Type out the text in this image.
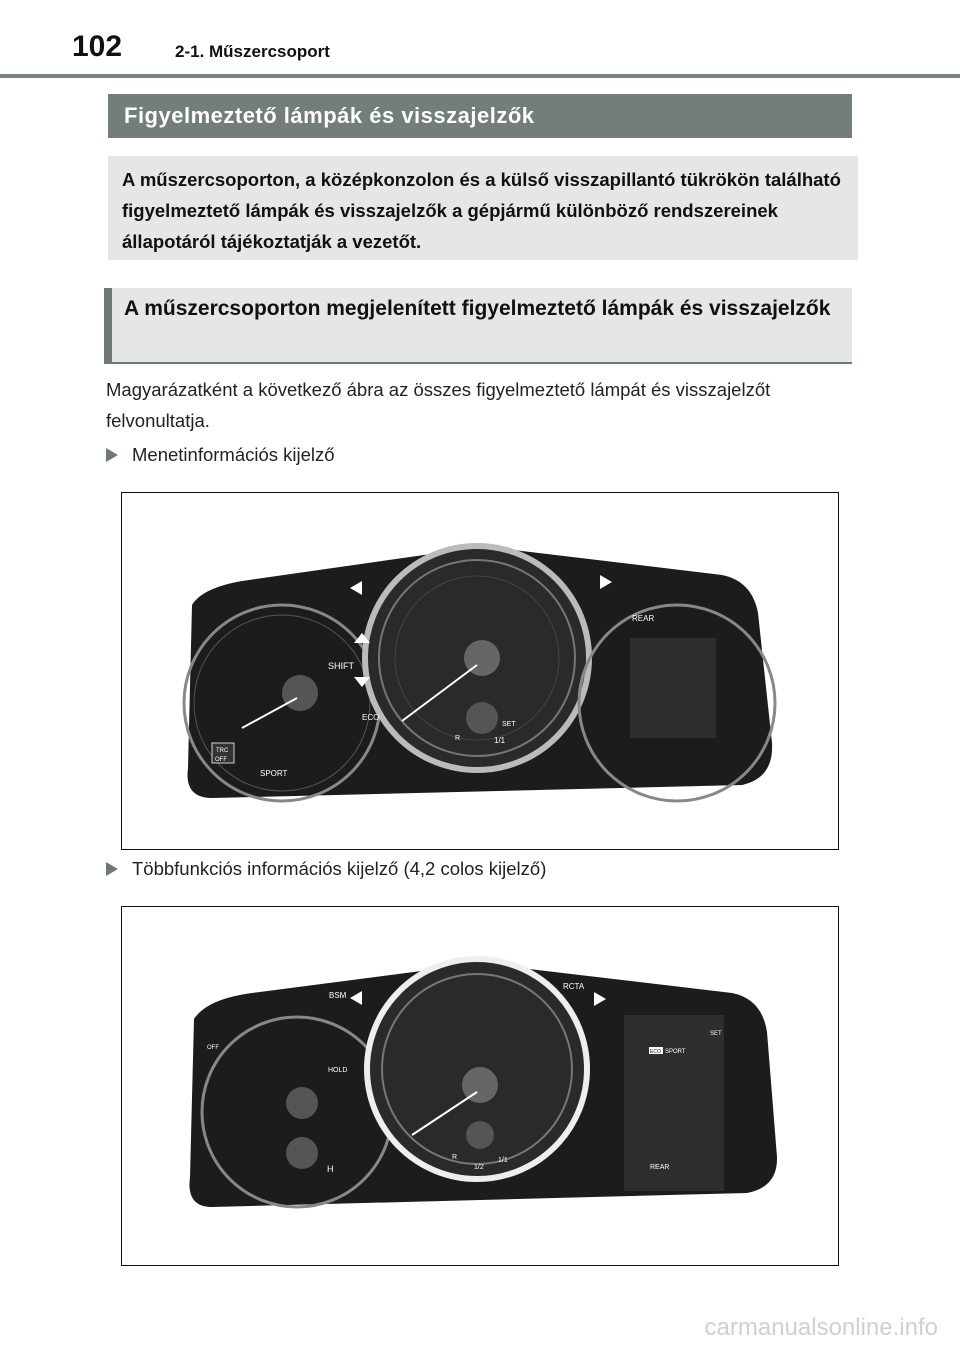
102	2-1. Műszercsoport
Figyelmeztető lámpák és visszajelzők
A műszercsoporton, a középkonzolon és a külső visszapillantó tükrökön található figyelmeztető lámpák és visszajelzők a gépjármű különböző rendszereinek állapotáról tájékoztatják a vezetőt.
A műszercsoporton megjelenített figyelmeztető lámpák és visszajelzők
Magyarázatként a következő ábra az összes figyelmeztető lámpát és visszajelzőt felvonultatja.
Menetinformációs kijelző
SHIFT
ECO
TRC
OFF
SPORT
REAR
SET
R	1/1
Többfunkciós információs kijelző (4,2 colos kijelző)
BSM
RCTA
OFF
HOLD
SET
ECO SPORT
REAR
R
1/2
1/1
H
carmanualsonline.info
